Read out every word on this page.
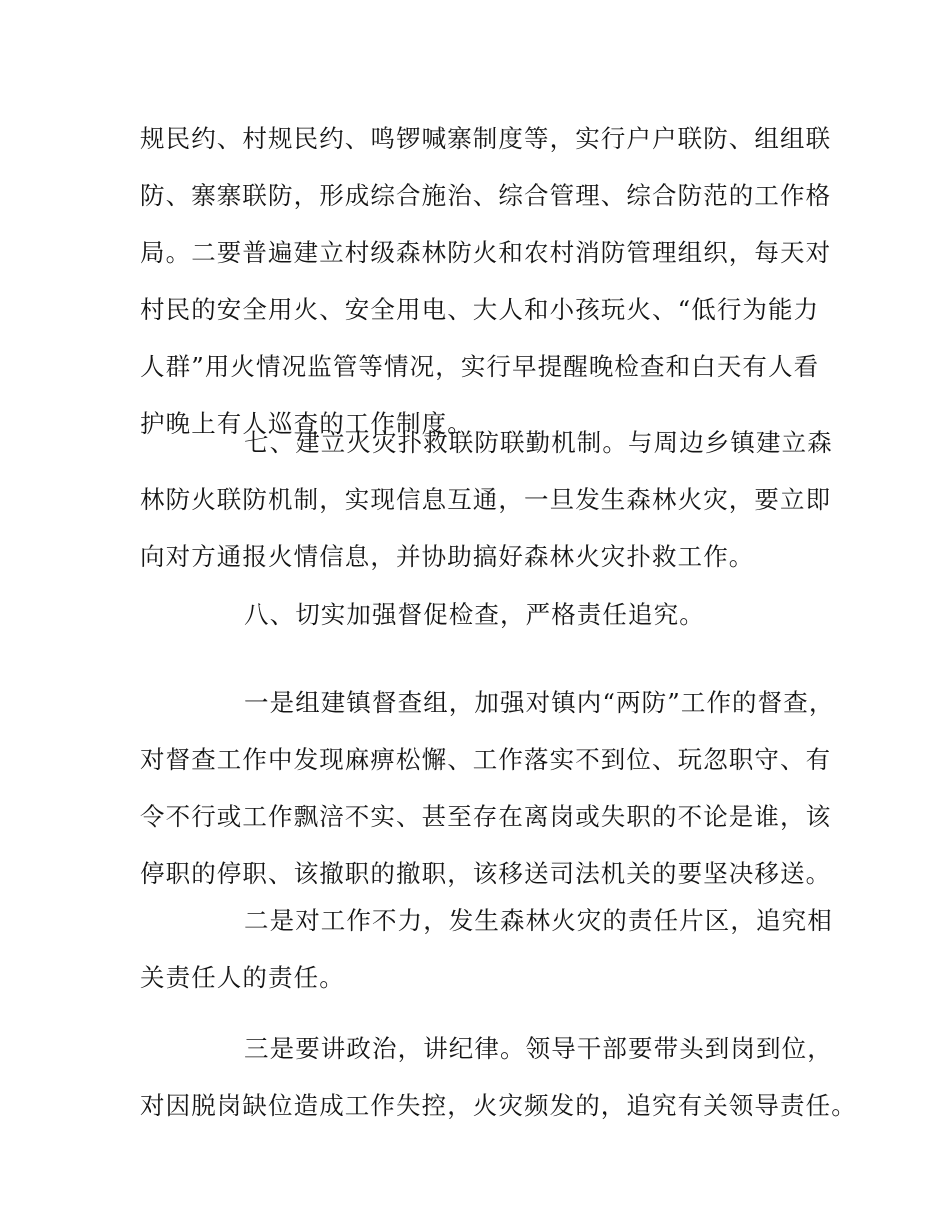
规民约、村规民约、鸣锣喊寨制度等，实行户户联防、组组联
防、寨寨联防，形成综合施治、综合管理、综合防范的工作格
局。二要普遍建立村级森林防火和农村消防管理组织，每天对
村民的安全用火、安全用电、大人和小孩玩火、“低行为能力
人群”用火情况监管等情况，实行早提醒晚检查和白天有人看
护晚上有人巡查的工作制度。
七、建立火灾扑救联防联勤机制。与周边乡镇建立森
林防火联防机制，实现信息互通，一旦发生森林火灾，要立即
向对方通报火情信息，并协助搞好森林火灾扑救工作。
八、切实加强督促检查，严格责任追究。
一是组建镇督查组，加强对镇内“两防”工作的督查，
对督查工作中发现麻痹松懈、工作落实不到位、玩忽职守、有
令不行或工作飘涪不实、甚至存在离岗或失职的不论是谁，该
停职的停职、该撤职的撤职，该移送司法机关的要坚决移送。
二是对工作不力，发生森林火灾的责任片区，追究相
关责任人的责任。
三是要讲政治，讲纪律。领导干部要带头到岗到位，
对因脱岗缺位造成工作失控，火灾频发的，追究有关领导责任。
